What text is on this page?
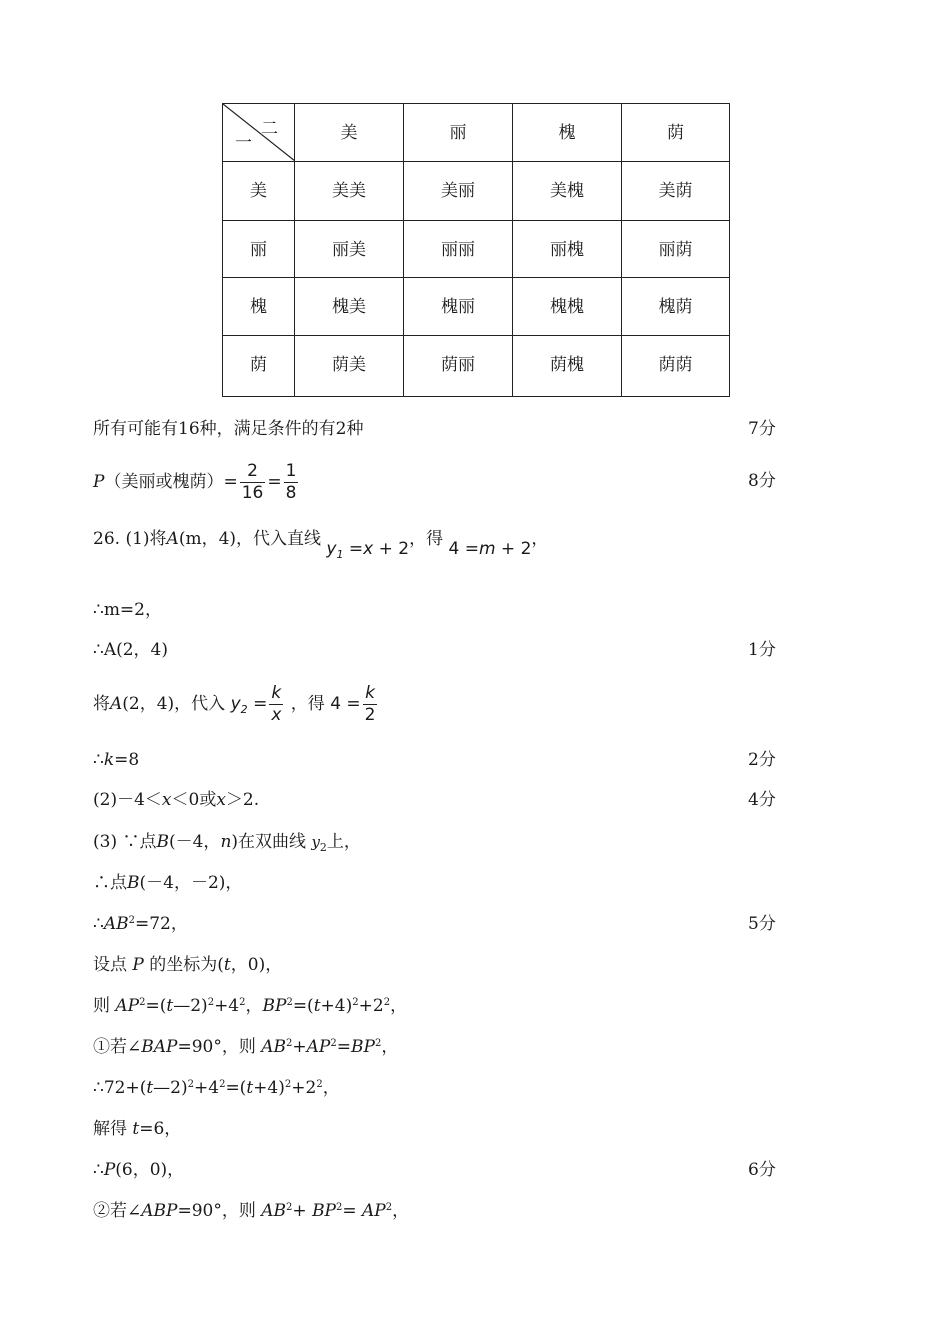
二
一	美	丽	槐	荫
美	美美	美丽	美槐	美荫
丽	丽美	丽丽	丽槐	丽荫
槐	槐美	槐丽	槐槐	槐荫
荫	荫美	荫丽	荫槐	荫荫
所有可能有16种，满足条件的有2种	7分
P（美丽或槐荫）= $\frac{2}{16} = \frac{1}{8}$	8分
26. (1)将A(m，4)，代入直线 $y_1 =x + 2$，得 4 =m + 2，
∴m=2，
∴A(2，4)	1分
将A(2，4)，代入 $y_2 = \frac{k}{x}$ ，得 $4 = \frac{k}{2}$
∴k=8	2分
(2)－4＜x＜0或x＞2.	4分
(3) ∵点B(－4，n)在双曲线 $y_2$上，
∴点B(－4，－2)，
$\therefore AB^2=72$，	5分
设点 P 的坐标为(t，0)，
则 $AP^2=(t—2)^2+4^2$，$BP^2=(t+4)^2+2^2$，
①若∠BAP=90°，则 $AB^2+AP^2=BP^2$，
$\therefore 72+(t—2)^2+4^2=(t+4)^2+2^2$，
解得 t=6，
∴P(6，0)，	6分
②若∠ABP=90°，则 $AB^2+ BP^2= AP^2$，
